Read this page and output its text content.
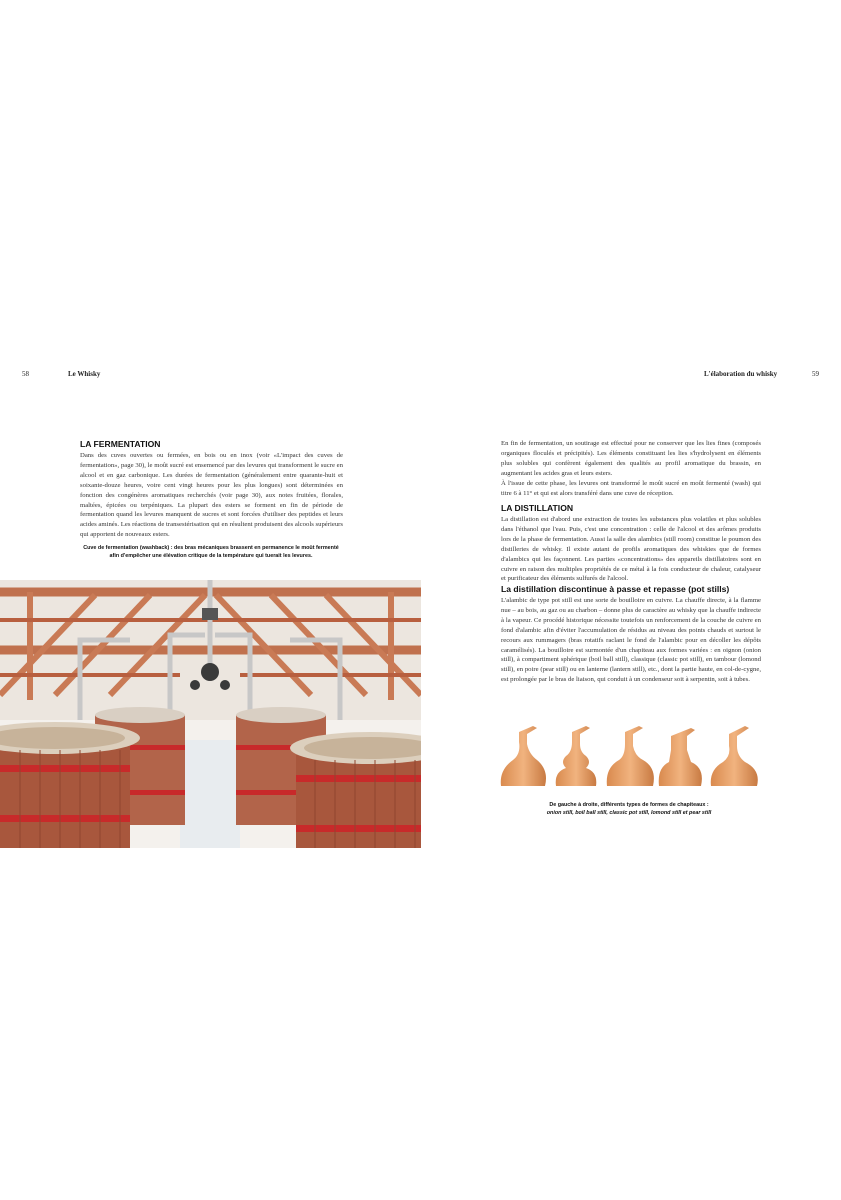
58	Le Whisky	L'élaboration du whisky	59
LA FERMENTATION

Dans des cuves ouvertes ou fermées, en bois ou en inox (voir «L'impact des cuves de fermentation», page 30), le moût sucré est ensemencé par des levures qui transforment le sucre en alcool et en gaz carbonique. Les durées de fermentation (généralement entre quarante-huit et soixante-douze heures, voire cent vingt heures pour les plus longues) sont déterminées en fonction des congénères aromatiques recherchés (voir page 30), aux notes fruitées, florales, maltées, épicées ou terpéniques. La plupart des esters se forment en fin de période de fermentation quand les levures manquent de sucres et sont forcées d'utiliser des peptides et leurs acides aminés. Les réactions de transestérisation qui en résultent produisent des alcools supérieurs qui apportent de nouveaux esters.

Cuve de fermentation (washback) : des bras mécaniques brassent en permanence le moût fermenté afin d'empêcher une élévation critique de la température qui tuerait les levures.

En fin de fermentation, un soutirage est effectué pour ne conserver que les lies fines (composés organiques floculés et précipités). Les éléments constituant les lies s'hydrolysent en éléments plus solubles qui confèrent également des qualités au profil aromatique du brassin, en augmentant les acides gras et leurs esters.

À l'issue de cette phase, les levures ont transformé le moût sucré en moût fermenté (wash) qui titre 6 à 11° et qui est alors transféré dans une cuve de réception.

LA DISTILLATION

La distillation est d'abord une extraction de toutes les substances plus volatiles et plus solubles dans l'éthanol que l'eau. Puis, c'est une concentration : celle de l'alcool et des arômes produits lors de la phase de fermentation. Aussi la salle des alambics (still room) constitue le poumon des distilleries de whisky. Il existe autant de profils aromatiques des whiskies que de formes d'alambics qui les façonnent. Les parties «concentrations» des appareils distillatoires sont en cuivre en raison des multiples propriétés de ce métal à la fois conducteur de chaleur, catalyseur et purificateur des éléments sulfurés de l'alcool.

La distillation discontinue à passe et repasse (pot stills)

L'alambic de type pot still est une sorte de bouilloire en cuivre. La chauffe directe, à la flamme nue – au bois, au gaz ou au charbon – donne plus de caractère au whisky que la chauffe indirecte à la vapeur. Ce procédé historique nécessite toutefois un renforcement de la couche de cuivre en fond d'alambic afin d'éviter l'accumulation de résidus au niveau des points chauds et surtout le recours aux rummagers (bras rotatifs raclant le fond de l'alambic pour en décoller les dépôts caramélisés). La bouilloire est surmontée d'un chapiteau aux formes variées : en oignon (onion still), à compartiment sphérique (boil ball still), classique (classic pot still), en tambour (lomond still), en poire (pear still) ou en lanterne (lantern still), etc., dont la partie haute, en col-de-cygne, est prolongée par le bras de liaison, qui conduit à un condenseur soit à serpentin, soit à tubes.

De gauche à droite, différents types de formes de chapiteaux :

onion still, boil ball still, classic pot still, lomond still et pear still
